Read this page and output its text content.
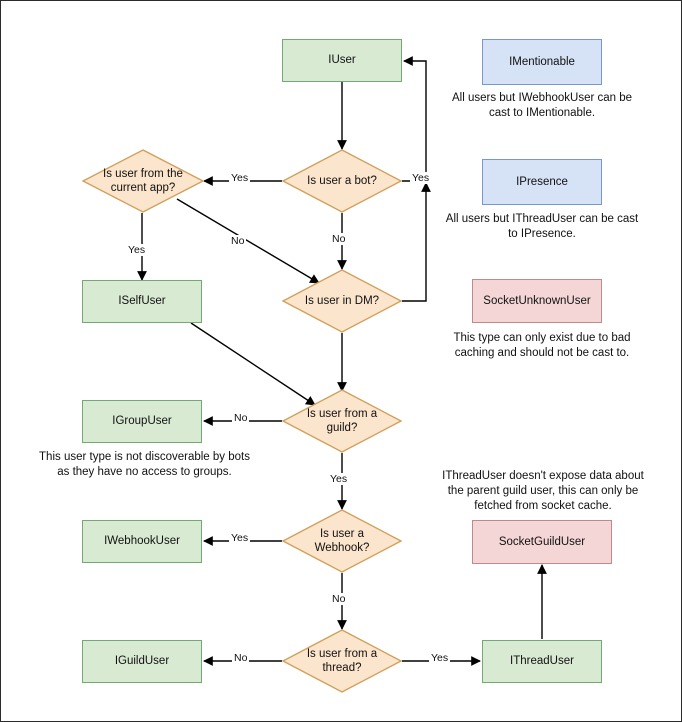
IUser
ISelfUser
IGroupUser
IWebhookUser
IGuildUser	IThreadUser
IMentionable
IPresence
SocketUnknownUser
SocketGuildUser
Is user a bot?
Is user from the current app?
Is user in DM?
Is user from a guild?
Is user a Webhook?
Is user from a thread?
Yes	Yes
No
Yes
No
No
Yes
Yes
No
No	Yes
All users but IWebhookUser can be cast to IMentionable.
All users but IThreadUser can be cast to IPresence.
This type can only exist due to bad caching and should not be cast to.
This user type is not discoverable by bots as they have no access to groups.	IThreadUser doesn't expose data about the parent guild user, this can only be fetched from socket cache.
